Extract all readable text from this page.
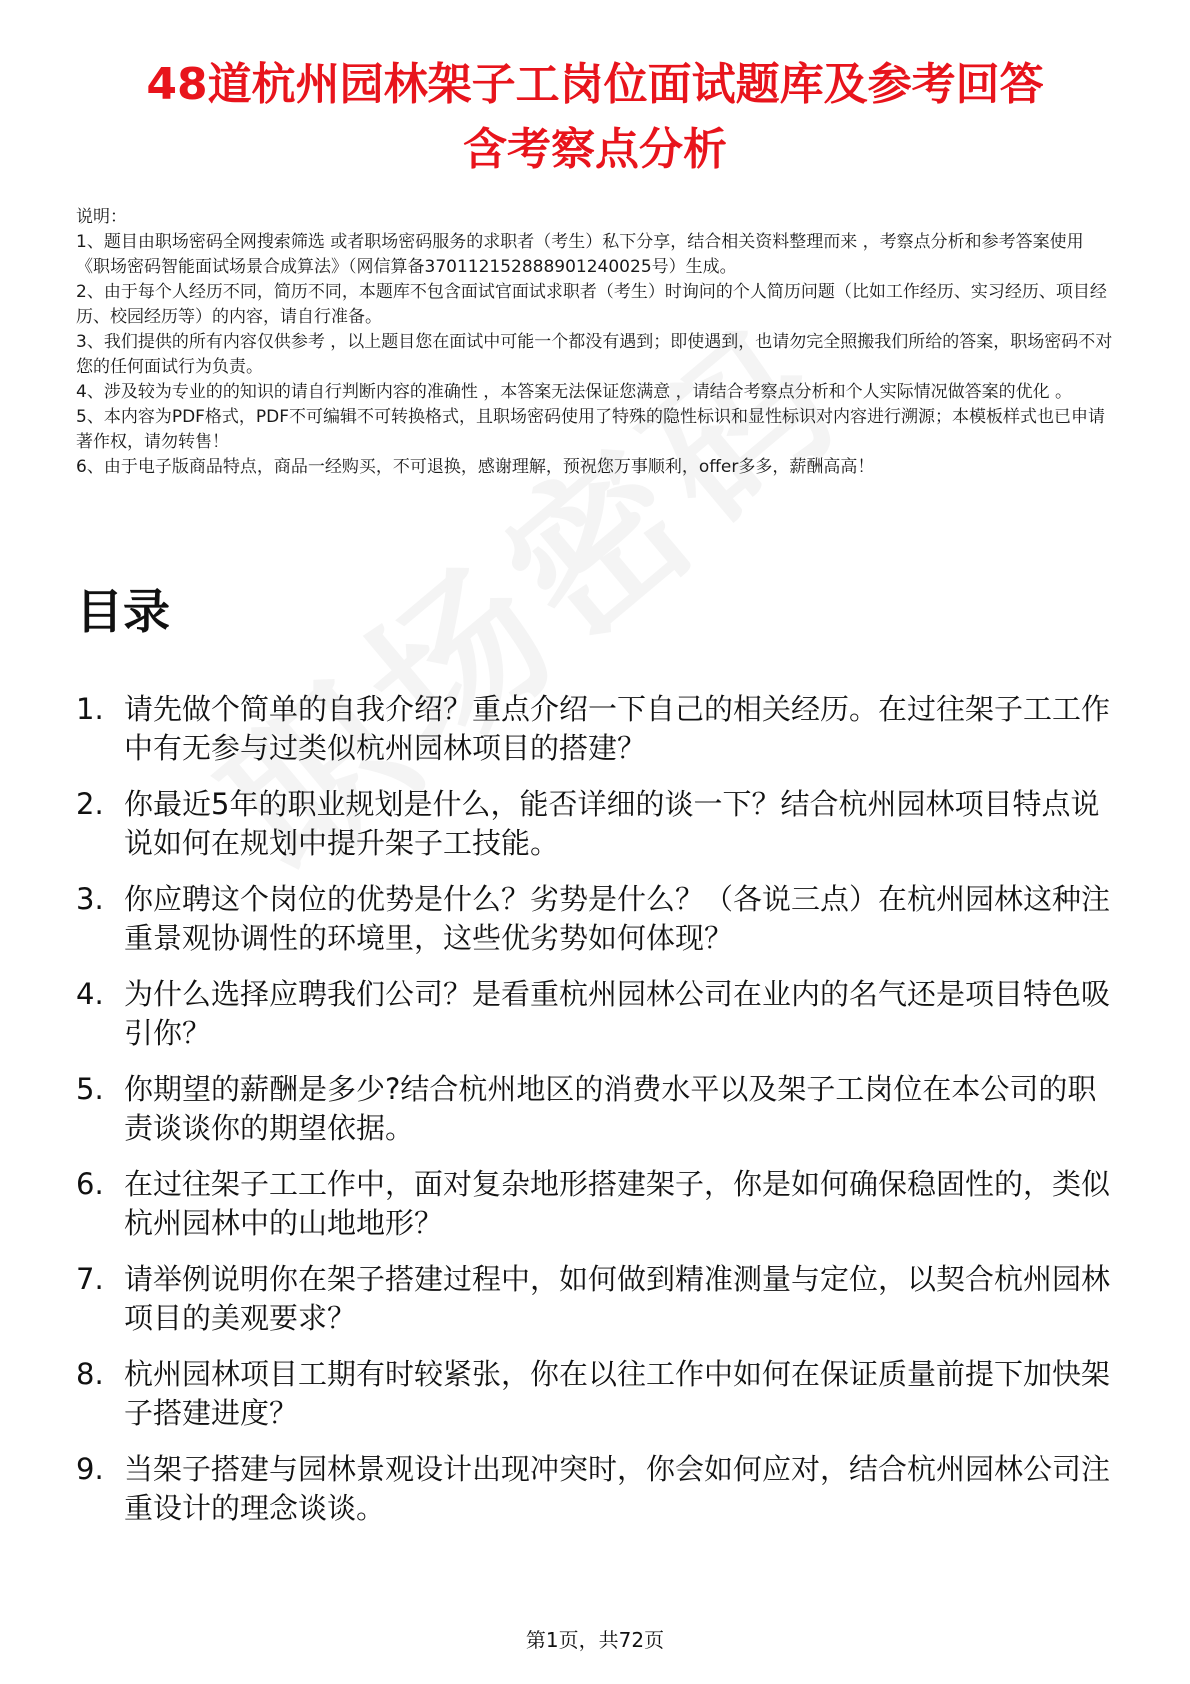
48道杭州园林架子工岗位面试题库及参考回答
含考察点分析

说明：

1、题目由职场密码全网搜索筛选 或者职场密码服务的求职者（考生）私下分享，结合相关资料整理而来 ，考察点分析和参考答案使用《职场密码智能面试场景合成算法》（网信算备370112152888901240025号）生成。

2、由于每个人经历不同，简历不同，本题库不包含面试官面试求职者（考生）时询问的个人简历问题（比如工作经历、实习经历、项目经历、校园经历等）的内容，请自行准备。

3、我们提供的所有内容仅供参考 ，以上题目您在面试中可能一个都没有遇到；即使遇到，也请勿完全照搬我们所给的答案，职场密码不对您的任何面试行为负责。

4、涉及较为专业的的知识的请自行判断内容的准确性 ，本答案无法保证您满意 ，请结合考察点分析和个人实际情况做答案的优化 。

5、本内容为PDF格式，PDF不可编辑不可转换格式，且职场密码使用了特殊的隐性标识和显性标识对内容进行溯源；本模板样式也已申请著作权，请勿转售！

6、由于电子版商品特点，商品一经购买，不可退换，感谢理解，预祝您万事顺利，offer多多，薪酬高高！

目录
1. 请先做个简单的自我介绍？重点介绍一下自己的相关经历。在过往架子工工作中有无参与过类似杭州园林项目的搭建？
2. 你最近5年的职业规划是什么，能否详细的谈一下？结合杭州园林项目特点说说如何在规划中提升架子工技能。
3. 你应聘这个岗位的优势是什么？劣势是什么？（各说三点）在杭州园林这种注重景观协调性的环境里，这些优劣势如何体现？
4. 为什么选择应聘我们公司？是看重杭州园林公司在业内的名气还是项目特色吸引你？
5. 你期望的薪酬是多少?结合杭州地区的消费水平以及架子工岗位在本公司的职责谈谈你的期望依据。
6. 在过往架子工工作中，面对复杂地形搭建架子，你是如何确保稳固性的，类似杭州园林中的山地地形？
7. 请举例说明你在架子搭建过程中，如何做到精准测量与定位，以契合杭州园林项目的美观要求？
8. 杭州园林项目工期有时较紧张，你在以往工作中如何在保证质量前提下加快架子搭建进度？
9. 当架子搭建与园林景观设计出现冲突时，你会如何应对，结合杭州园林公司注重设计的理念谈谈。
第1页，共72页
